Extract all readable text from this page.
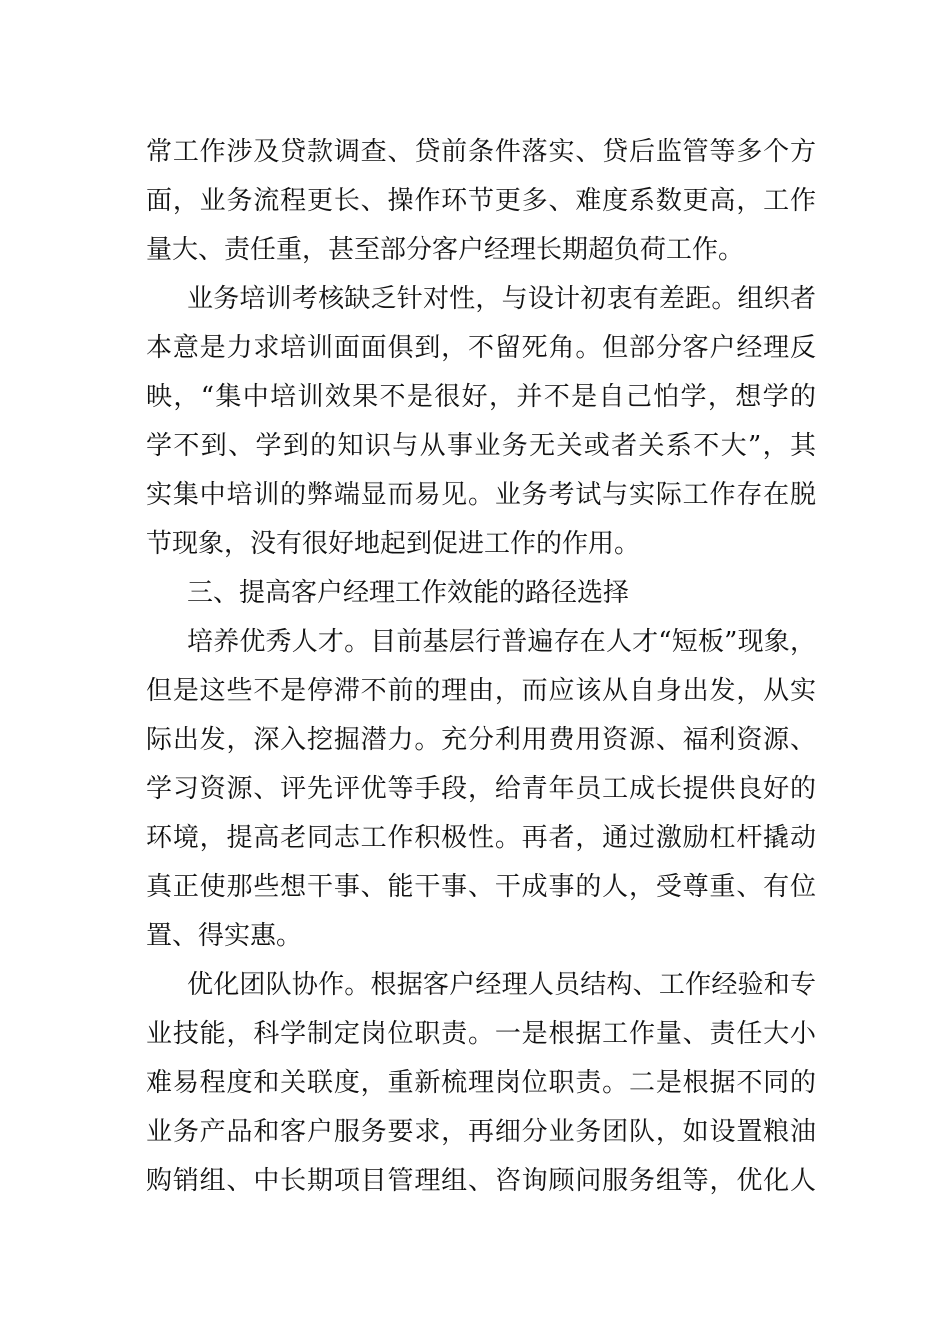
常工作涉及贷款调查、贷前条件落实、贷后监管等多个方
面，业务流程更长、操作环节更多、难度系数更高，工作
量大、责任重，甚至部分客户经理长期超负荷工作。
业务培训考核缺乏针对性，与设计初衷有差距。组织者
本意是力求培训面面俱到，不留死角。但部分客户经理反
映，“集中培训效果不是很好，并不是自己怕学，想学的
学不到、学到的知识与从事业务无关或者关系不大”，其
实集中培训的弊端显而易见。业务考试与实际工作存在脱
节现象，没有很好地起到促进工作的作用。
三、提高客户经理工作效能的路径选择
培养优秀人才。目前基层行普遍存在人才“短板”现象，
但是这些不是停滞不前的理由，而应该从自身出发，从实
际出发，深入挖掘潜力。充分利用费用资源、福利资源、
学习资源、评先评优等手段，给青年员工成长提供良好的
环境，提高老同志工作积极性。再者，通过激励杠杆撬动
真正使那些想干事、能干事、干成事的人，受尊重、有位
置、得实惠。
优化团队协作。根据客户经理人员结构、工作经验和专
业技能，科学制定岗位职责。一是根据工作量、责任大小
难易程度和关联度，重新梳理岗位职责。二是根据不同的
业务产品和客户服务要求，再细分业务团队，如设置粮油
购销组、中长期项目管理组、咨询顾问服务组等，优化人
